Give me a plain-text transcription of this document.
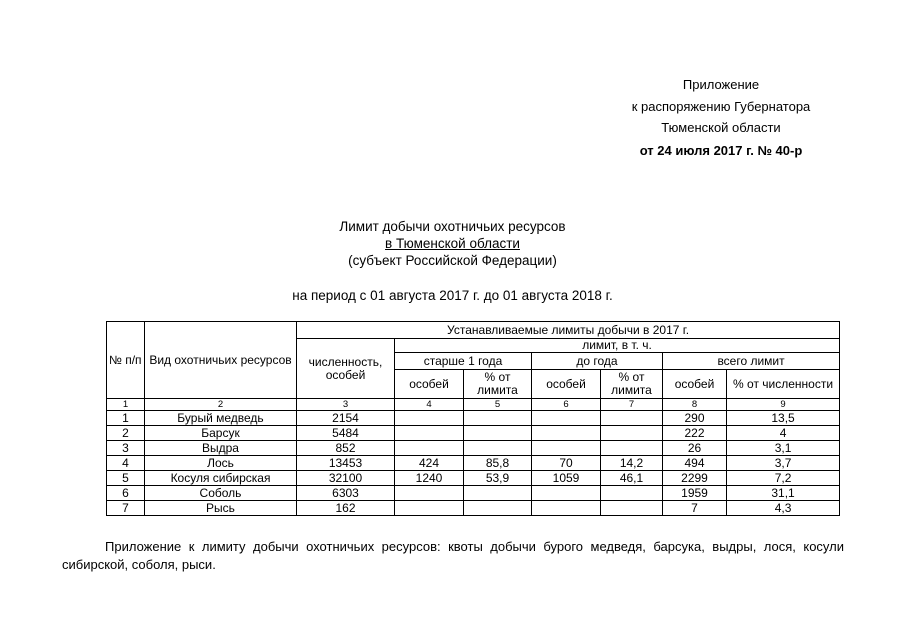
Приложение
к распоряжению Губернатора
Тюменской области
от 24 июля 2017 г. № 40-р
Лимит добычи охотничьих ресурсов
в Тюменской области
(субъект Российской Федерации)
на период с 01 августа 2017 г. до 01 августа 2018 г.
№ п/п	Вид охотничьих ресурсов	Устанавливаемые лимиты добычи в 2017 г.						
		численность, особей	лимит, в т. ч.					
			старше 1 года		до года		всего лимит	
			особей	% от лимита	особей	% от лимита	особей	% от численности
1	2	3	4	5	6	7	8	9
1	Бурый медведь	2154					290	13,5
2	Барсук	5484					222	4
3	Выдра	852					26	3,1
4	Лось	13453	424	85,8	70	14,2	494	3,7
5	Косуля сибирская	32100	1240	53,9	1059	46,1	2299	7,2
6	Соболь	6303					1959	31,1
7	Рысь	162					7	4,3
Приложение к лимиту добычи охотничьих ресурсов: квоты добычи бурого медведя, барсука, выдры, лося, косули сибирской, соболя, рыси.
